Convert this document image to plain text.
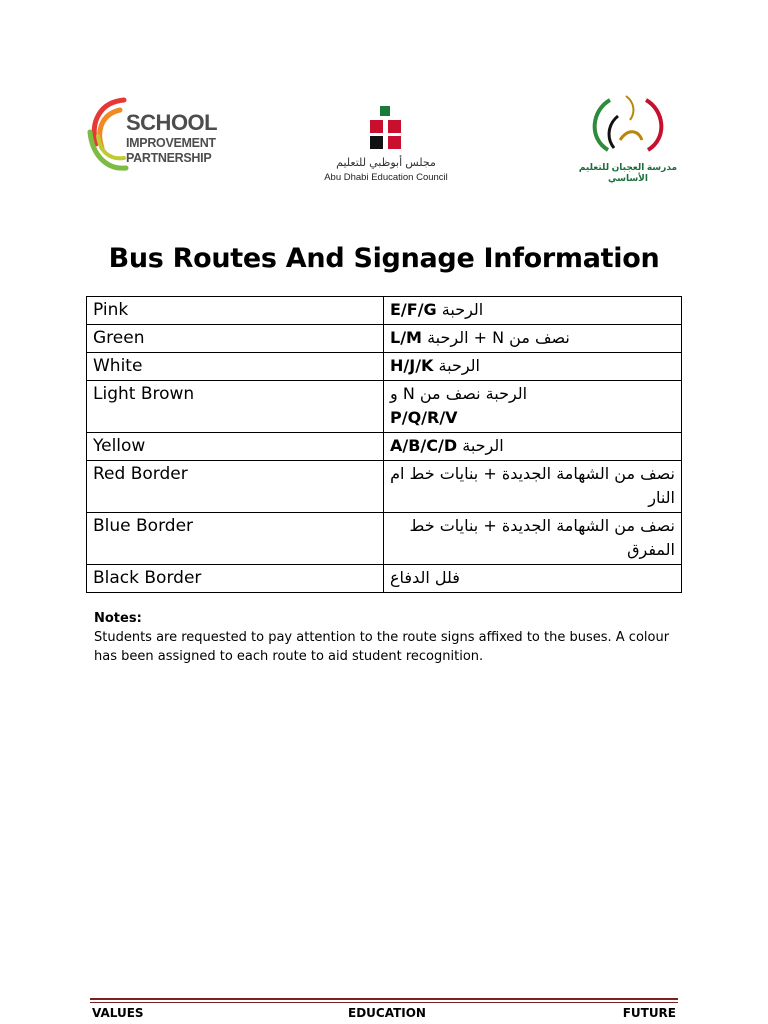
SCHOOL
IMPROVEMENT
PARTNERSHIP	مجلس أبوظبي للتعليم
Abu Dhabi Education Council
مدرسة العجبان للتعليم الأساسي
Bus Routes And Signage Information
Pink	E/F/G الرحبة

Green	L/M نصف من N + الرحبة

White	H/J/K الرحبة

Light Brown	الرحبة نصف من N و
P/Q/R/V

Yellow	A/B/C/D الرحبة

Red Border	نصف من الشهامة الجديدة + بنايات خط ام النار
Blue Border	نصف من الشهامة الجديدة + بنايات خط المفرق
Black Border	فلل الدفاع
Notes:
Students are requested to pay attention to the route signs affixed to the buses. A colour has been assigned to each route to aid student recognition.
VALUES	EDUCATION	FUTURE
